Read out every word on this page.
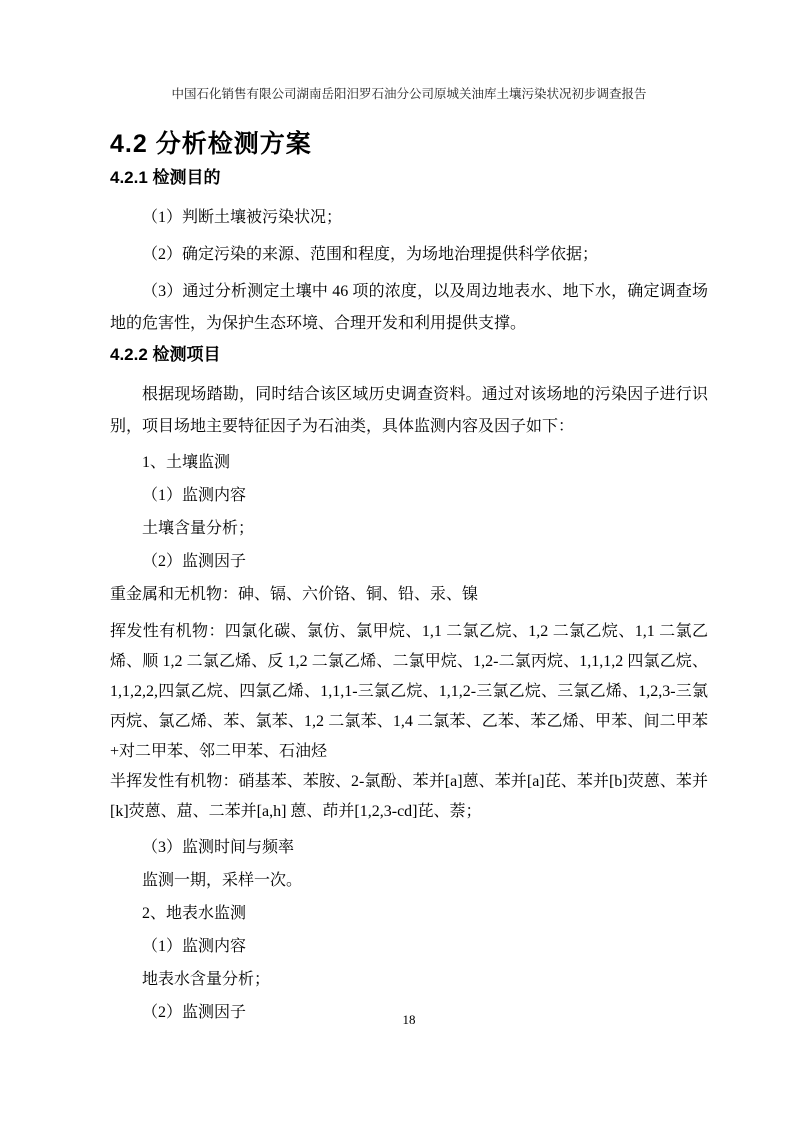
中国石化销售有限公司湖南岳阳汨罗石油分公司原城关油库土壤污染状况初步调查报告
4.2 分析检测方案
4.2.1 检测目的
（1）判断土壤被污染状况；
（2）确定污染的来源、范围和程度，为场地治理提供科学依据；
（3）通过分析测定土壤中 46 项的浓度，以及周边地表水、地下水，确定调查场地的危害性，为保护生态环境、合理开发和利用提供支撑。
4.2.2 检测项目
根据现场踏勘，同时结合该区域历史调查资料。通过对该场地的污染因子进行识别，项目场地主要特征因子为石油类，具体监测内容及因子如下：
1、土壤监测
（1）监测内容
土壤含量分析；
（2）监测因子
重金属和无机物：砷、镉、六价铬、铜、铅、汞、镍
挥发性有机物：四氯化碳、氯仿、氯甲烷、1,1 二氯乙烷、1,2 二氯乙烷、1,1 二氯乙烯、顺 1,2 二氯乙烯、反 1,2 二氯乙烯、二氯甲烷、1,2-二氯丙烷、1,1,1,2 四氯乙烷、1,1,2,2,四氯乙烷、四氯乙烯、1,1,1-三氯乙烷、1,1,2-三氯乙烷、三氯乙烯、1,2,3-三氯丙烷、氯乙烯、苯、氯苯、1,2 二氯苯、1,4 二氯苯、乙苯、苯乙烯、甲苯、间二甲苯+对二甲苯、邻二甲苯、石油烃
半挥发性有机物：硝基苯、苯胺、2-氯酚、苯并[a]蒽、苯并[a]芘、苯并[b]荧蒽、苯并[k]荧蒽、䓛、二苯并[a,h] 蒽、茚并[1,2,3-cd]芘、萘；
（3）监测时间与频率
监测一期，采样一次。
2、地表水监测
（1）监测内容
地表水含量分析；
（2）监测因子	18
